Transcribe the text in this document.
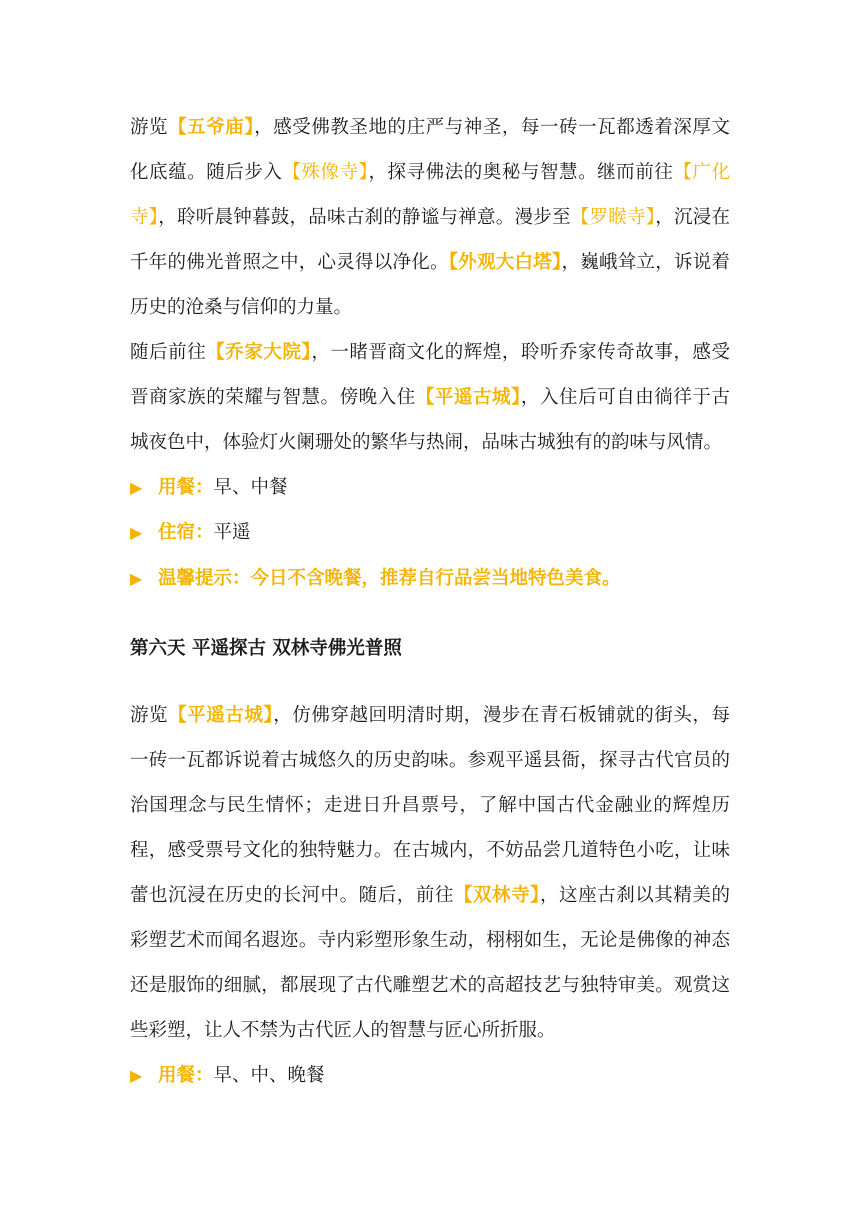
游览【五爷庙】，感受佛教圣地的庄严与神圣，每一砖一瓦都透着深厚文化底蕴。随后步入【殊像寺】，探寻佛法的奥秘与智慧。继而前往【广化寺】，聆听晨钟暮鼓，品味古刹的静谧与禅意。漫步至【罗睺寺】，沉浸在千年的佛光普照之中，心灵得以净化。【外观大白塔】，巍峨耸立，诉说着历史的沧桑与信仰的力量。

随后前往【乔家大院】，一睹晋商文化的辉煌，聆听乔家传奇故事，感受晋商家族的荣耀与智慧。傍晚入住【平遥古城】，入住后可自由徜徉于古城夜色中，体验灯火阑珊处的繁华与热闹，品味古城独有的韵味与风情。

▶ 用餐：早、中餐

▶ 住宿：平遥

▶ 温馨提示：今日不含晚餐，推荐自行品尝当地特色美食。

第六天 平遥探古 双林寺佛光普照

游览【平遥古城】，仿佛穿越回明清时期，漫步在青石板铺就的街头，每一砖一瓦都诉说着古城悠久的历史韵味。参观平遥县衙，探寻古代官员的治国理念与民生情怀；走进日升昌票号，了解中国古代金融业的辉煌历程，感受票号文化的独特魅力。在古城内，不妨品尝几道特色小吃，让味蕾也沉浸在历史的长河中。随后，前往【双林寺】，这座古刹以其精美的彩塑艺术而闻名遐迩。寺内彩塑形象生动，栩栩如生，无论是佛像的神态还是服饰的细腻，都展现了古代雕塑艺术的高超技艺与独特审美。观赏这些彩塑，让人不禁为古代匠人的智慧与匠心所折服。

▶ 用餐：早、中、晚餐
